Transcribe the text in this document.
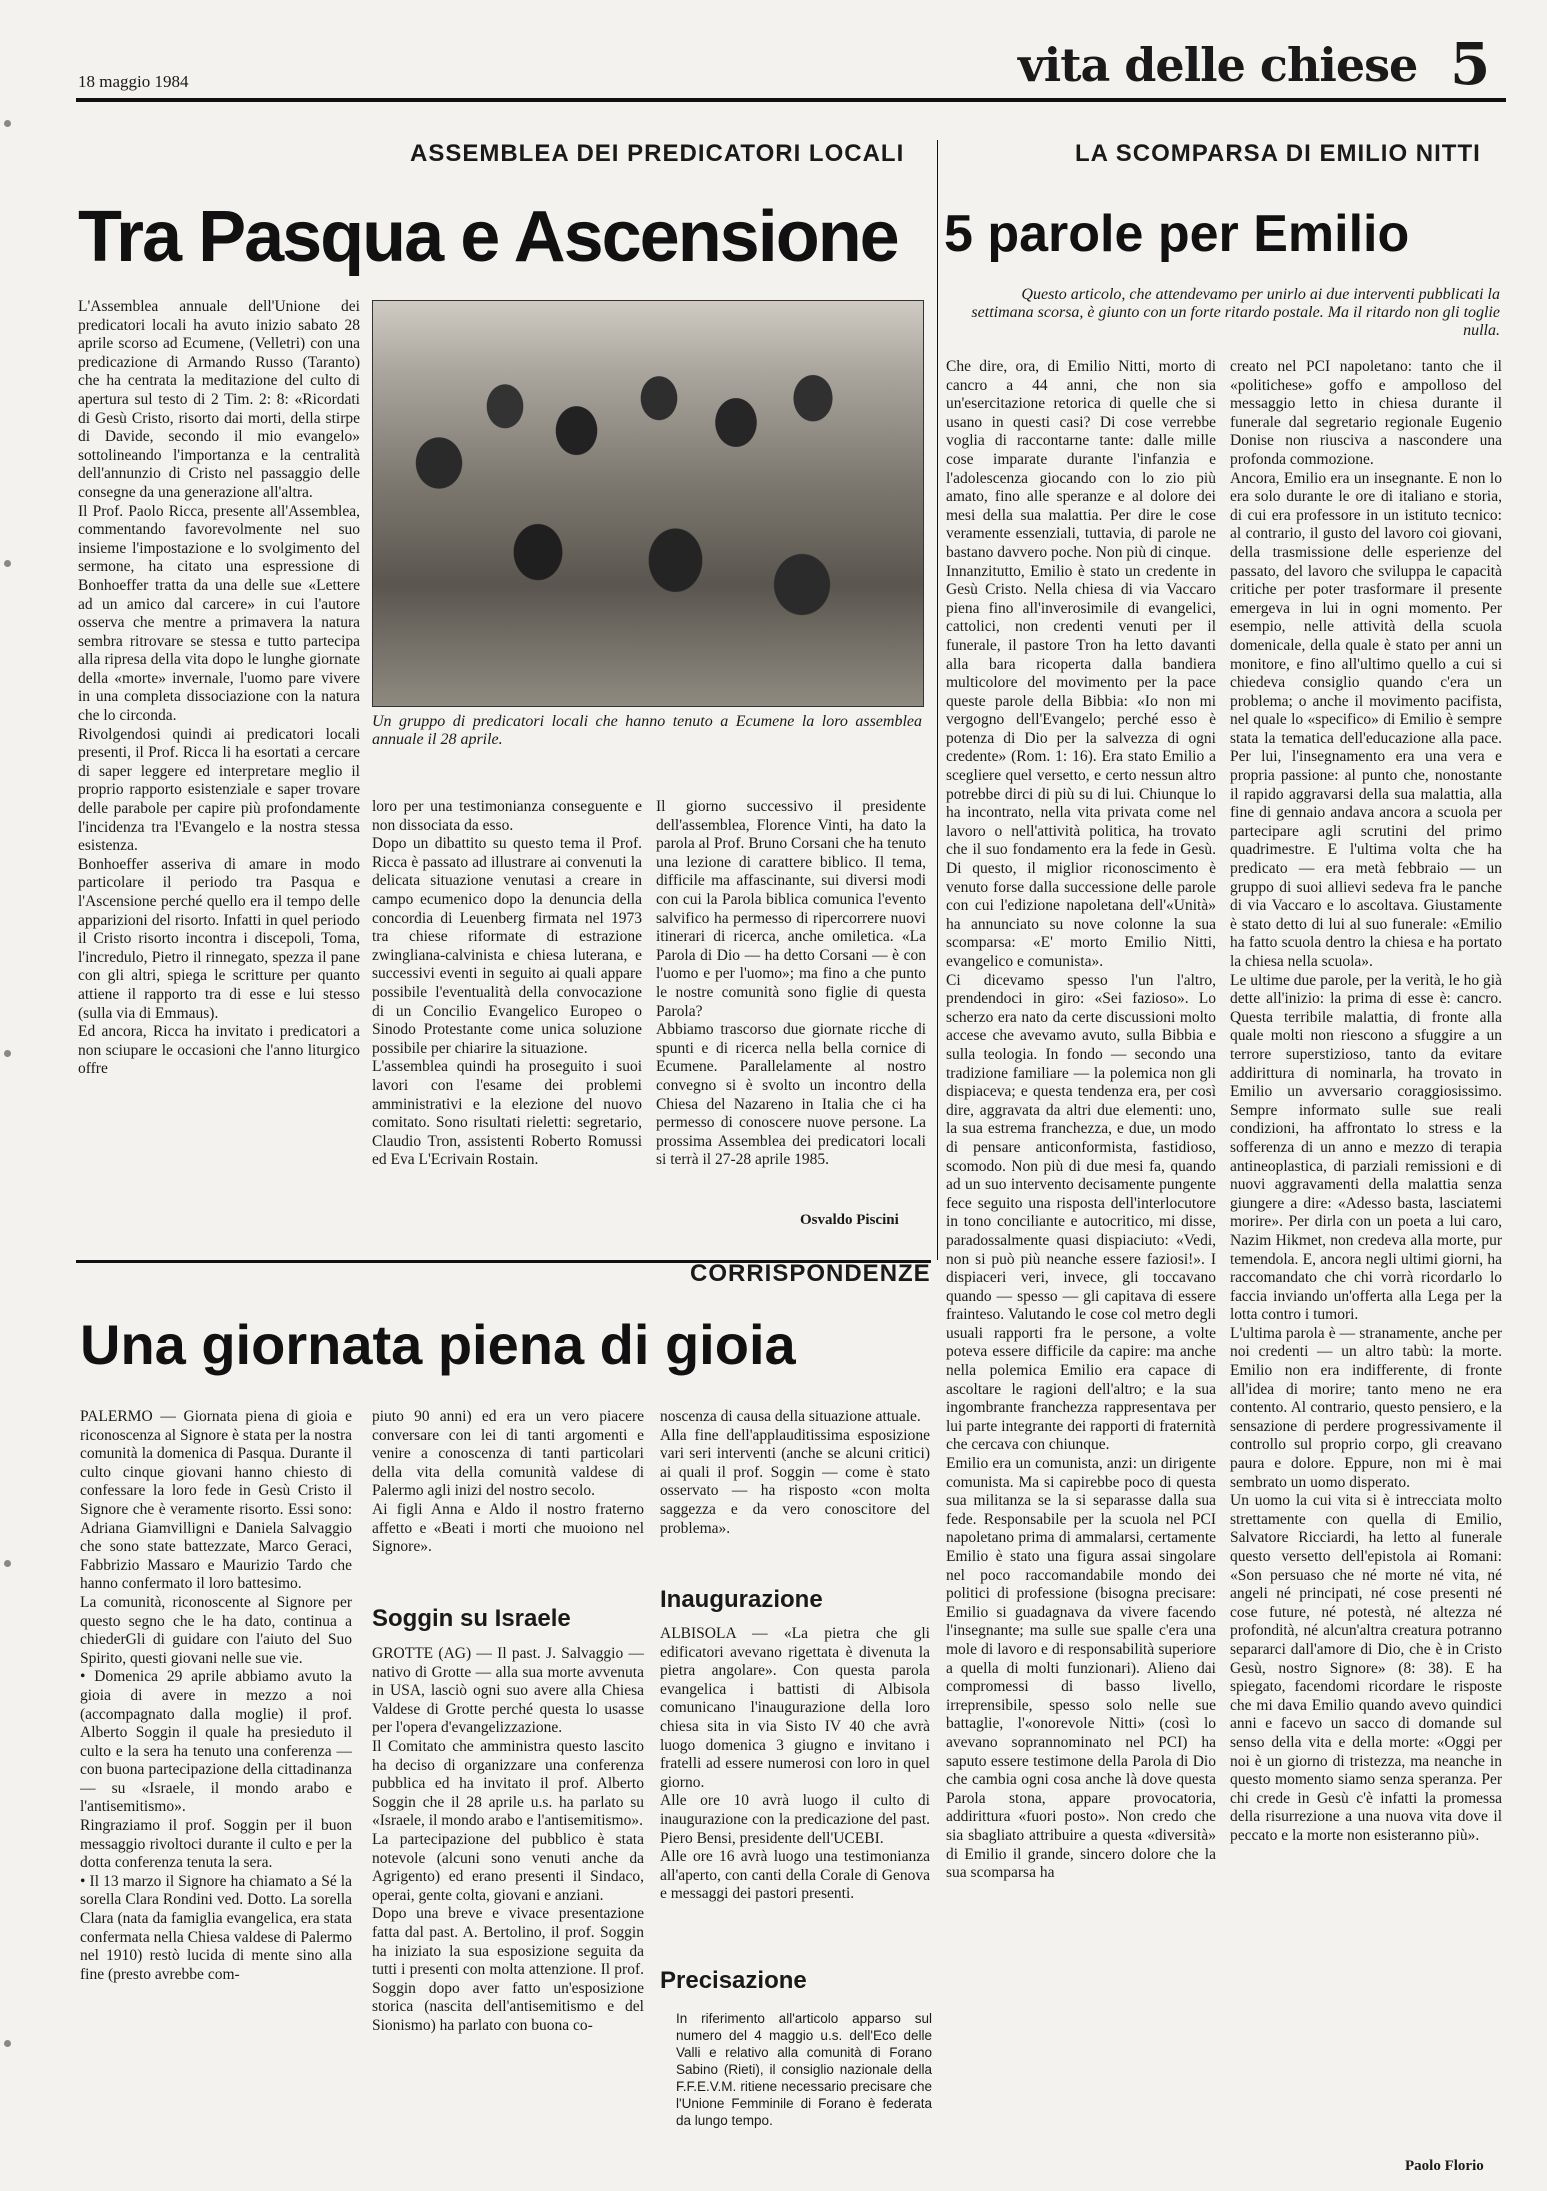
18 maggio 1984	vita delle chiese 5
ASSEMBLEA DEI PREDICATORI LOCALI
Tra Pasqua e Ascensione
L'Assemblea annuale dell'Unione dei predicatori locali ha avuto inizio sabato 28 aprile scorso ad Ecumene, (Velletri) con una predicazione di Armando Russo (Taranto) che ha centrata la meditazione del culto di apertura sul testo di 2 Tim. 2: 8: «Ricordati di Gesù Cristo, risorto dai morti, della stirpe di Davide, secondo il mio evangelo» sottolineando l'importanza e la centralità dell'annunzio di Cristo nel passaggio delle consegne da una generazione all'altra.
Il Prof. Paolo Ricca, presente all'Assemblea, commentando favorevolmente nel suo insieme l'impostazione e lo svolgimento del sermone, ha citato una espressione di Bonhoeffer tratta da una delle sue «Lettere ad un amico dal carcere» in cui l'autore osserva che mentre a primavera la natura sembra ritrovare se stessa e tutto partecipa alla ripresa della vita dopo le lunghe giornate della «morte» invernale, l'uomo pare vivere in una completa dissociazione con la natura che lo circonda.
Rivolgendosi quindi ai predicatori locali presenti, il Prof. Ricca li ha esortati a cercare di saper leggere ed interpretare meglio il proprio rapporto esistenziale e saper trovare delle parabole per capire più profondamente l'incidenza tra l'Evangelo e la nostra stessa esistenza.
Bonhoeffer asseriva di amare in modo particolare il periodo tra Pasqua e l'Ascensione perché quello era il tempo delle apparizioni del risorto. Infatti in quel periodo il Cristo risorto incontra i discepoli, Toma, l'incredulo, Pietro il rinnegato, spezza il pane con gli altri, spiega le scritture per quanto attiene il rapporto tra di esse e lui stesso (sulla via di Emmaus).
Ed ancora, Ricca ha invitato i predicatori a non sciupare le occasioni che l'anno liturgico offre
Un gruppo di predicatori locali che hanno tenuto a Ecumene la loro assemblea annuale il 28 aprile.
loro per una testimonianza conseguente e non dissociata da esso.
Dopo un dibattito su questo tema il Prof. Ricca è passato ad illustrare ai convenuti la delicata situazione venutasi a creare in campo ecumenico dopo la denuncia della concordia di Leuenberg firmata nel 1973 tra chiese riformate di estrazione zwingliana-calvinista e chiesa luterana, e successivi eventi in seguito ai quali appare possibile l'eventualità della convocazione di un Concilio Evangelico Europeo o Sinodo Protestante come unica soluzione possibile per chiarire la situazione.
L'assemblea quindi ha proseguito i suoi lavori con l'esame dei problemi amministrativi e la elezione del nuovo comitato. Sono risultati rieletti: segretario, Claudio Tron, assistenti Roberto Romussi ed Eva L'Ecrivain Rostain.
Il giorno successivo il presidente dell'assemblea, Florence Vinti, ha dato la parola al Prof. Bruno Corsani che ha tenuto una lezione di carattere biblico. Il tema, difficile ma affascinante, sui diversi modi con cui la Parola biblica comunica l'evento salvifico ha permesso di ripercorrere nuovi itinerari di ricerca, anche omiletica. «La Parola di Dio — ha detto Corsani — è con l'uomo e per l'uomo»; ma fino a che punto le nostre comunità sono figlie di questa Parola?
Abbiamo trascorso due giornate ricche di spunti e di ricerca nella bella cornice di Ecumene. Parallelamente al nostro convegno si è svolto un incontro della Chiesa del Nazareno in Italia che ci ha permesso di conoscere nuove persone. La prossima Assemblea dei predicatori locali si terrà il 27-28 aprile 1985.
Osvaldo Piscini
LA SCOMPARSA DI EMILIO NITTI
5 parole per Emilio
Questo articolo, che attendevamo per unirlo ai due interventi pubblicati la settimana scorsa, è giunto con un forte ritardo postale. Ma il ritardo non gli toglie nulla.
Che dire, ora, di Emilio Nitti, morto di cancro a 44 anni, che non sia un'esercitazione retorica di quelle che si usano in questi casi? Di cose verrebbe voglia di raccontarne tante: dalle mille cose imparate durante l'infanzia e l'adolescenza giocando con lo zio più amato, fino alle speranze e al dolore dei mesi della sua malattia. Per dire le cose veramente essenziali, tuttavia, di parole ne bastano davvero poche. Non più di cinque.
Innanzitutto, Emilio è stato un credente in Gesù Cristo. Nella chiesa di via Vaccaro piena fino all'inverosimile di evangelici, cattolici, non credenti venuti per il funerale, il pastore Tron ha letto davanti alla bara ricoperta dalla bandiera multicolore del movimento per la pace queste parole della Bibbia: «Io non mi vergogno dell'Evangelo; perché esso è potenza di Dio per la salvezza di ogni credente» (Rom. 1: 16). Era stato Emilio a scegliere quel versetto, e certo nessun altro potrebbe dirci di più su di lui. Chiunque lo ha incontrato, nella vita privata come nel lavoro o nell'attività politica, ha trovato che il suo fondamento era la fede in Gesù. Di questo, il miglior riconoscimento è venuto forse dalla successione delle parole con cui l'edizione napoletana dell'«Unità» ha annunciato su nove colonne la sua scomparsa: «E' morto Emilio Nitti, evangelico e comunista».
Ci dicevamo spesso l'un l'altro, prendendoci in giro: «Sei fazioso». Lo scherzo era nato da certe discussioni molto accese che avevamo avuto, sulla Bibbia e sulla teologia. In fondo — secondo una tradizione familiare — la polemica non gli dispiaceva; e questa tendenza era, per così dire, aggravata da altri due elementi: uno, la sua estrema franchezza, e due, un modo di pensare anticonformista, fastidioso, scomodo. Non più di due mesi fa, quando ad un suo intervento decisamente pungente fece seguito una risposta dell'interlocutore in tono conciliante e autocritico, mi disse, paradossalmente quasi dispiaciuto: «Vedi, non si può più neanche essere faziosi!». I dispiaceri veri, invece, gli toccavano quando — spesso — gli capitava di essere frainteso. Valutando le cose col metro degli usuali rapporti fra le persone, a volte poteva essere difficile da capire: ma anche nella polemica Emilio era capace di ascoltare le ragioni dell'altro; e la sua ingombrante franchezza rappresentava per lui parte integrante dei rapporti di fraternità che cercava con chiunque.
Emilio era un comunista, anzi: un dirigente comunista. Ma si capirebbe poco di questa sua militanza se la si separasse dalla sua fede. Responsabile per la scuola nel PCI napoletano prima di ammalarsi, certamente Emilio è stato una figura assai singolare nel poco raccomandabile mondo dei politici di professione (bisogna precisare: Emilio si guadagnava da vivere facendo l'insegnante; ma sulle sue spalle c'era una mole di lavoro e di responsabilità superiore a quella di molti funzionari). Alieno dai compromessi di basso livello, irreprensibile, spesso solo nelle sue battaglie, l'«onorevole Nitti» (così lo avevano soprannominato nel PCI) ha saputo essere testimone della Parola di Dio che cambia ogni cosa anche là dove questa Parola stona, appare provocatoria, addirittura «fuori posto». Non credo che sia sbagliato attribuire a questa «diversità» di Emilio il grande, sincero dolore che la sua scomparsa ha
creato nel PCI napoletano: tanto che il «politichese» goffo e ampolloso del messaggio letto in chiesa durante il funerale dal segretario regionale Eugenio Donise non riusciva a nascondere una profonda commozione.
Ancora, Emilio era un insegnante. E non lo era solo durante le ore di italiano e storia, di cui era professore in un istituto tecnico: al contrario, il gusto del lavoro coi giovani, della trasmissione delle esperienze del passato, del lavoro che sviluppa le capacità critiche per poter trasformare il presente emergeva in lui in ogni momento. Per esempio, nelle attività della scuola domenicale, della quale è stato per anni un monitore, e fino all'ultimo quello a cui si chiedeva consiglio quando c'era un problema; o anche il movimento pacifista, nel quale lo «specifico» di Emilio è sempre stata la tematica dell'educazione alla pace. Per lui, l'insegnamento era una vera e propria passione: al punto che, nonostante il rapido aggravarsi della sua malattia, alla fine di gennaio andava ancora a scuola per partecipare agli scrutini del primo quadrimestre. E l'ultima volta che ha predicato — era metà febbraio — un gruppo di suoi allievi sedeva fra le panche di via Vaccaro e lo ascoltava. Giustamente è stato detto di lui al suo funerale: «Emilio ha fatto scuola dentro la chiesa e ha portato la chiesa nella scuola».
Le ultime due parole, per la verità, le ho già dette all'inizio: la prima di esse è: cancro. Questa terribile malattia, di fronte alla quale molti non riescono a sfuggire a un terrore superstizioso, tanto da evitare addirittura di nominarla, ha trovato in Emilio un avversario coraggiosissimo. Sempre informato sulle sue reali condizioni, ha affrontato lo stress e la sofferenza di un anno e mezzo di terapia antineoplastica, di parziali remissioni e di nuovi aggravamenti della malattia senza giungere a dire: «Adesso basta, lasciatemi morire». Per dirla con un poeta a lui caro, Nazim Hikmet, non credeva alla morte, pur temendola. E, ancora negli ultimi giorni, ha raccomandato che chi vorrà ricordarlo lo faccia inviando un'offerta alla Lega per la lotta contro i tumori.
L'ultima parola è — stranamente, anche per noi credenti — un altro tabù: la morte. Emilio non era indifferente, di fronte all'idea di morire; tanto meno ne era contento. Al contrario, questo pensiero, e la sensazione di perdere progressivamente il controllo sul proprio corpo, gli creavano paura e dolore. Eppure, non mi è mai sembrato un uomo disperato.
Un uomo la cui vita si è intrecciata molto strettamente con quella di Emilio, Salvatore Ricciardi, ha letto al funerale questo versetto dell'epistola ai Romani: «Son persuaso che né morte né vita, né angeli né principati, né cose presenti né cose future, né potestà, né altezza né profondità, né alcun'altra creatura potranno separarci dall'amore di Dio, che è in Cristo Gesù, nostro Signore» (8: 38). E ha spiegato, facendomi ricordare le risposte che mi dava Emilio quando avevo quindici anni e facevo un sacco di domande sul senso della vita e della morte: «Oggi per noi è un giorno di tristezza, ma neanche in questo momento siamo senza speranza. Per chi crede in Gesù c'è infatti la promessa della risurrezione a una nuova vita dove il peccato e la morte non esisteranno più».
Paolo Florio
CORRISPONDENZE
Una giornata piena di gioia
PALERMO — Giornata piena di gioia e riconoscenza al Signore è stata per la nostra comunità la domenica di Pasqua. Durante il culto cinque giovani hanno chiesto di confessare la loro fede in Gesù Cristo il Signore che è veramente risorto. Essi sono: Adriana Giamvilligni e Daniela Salvaggio che sono state battezzate, Marco Geraci, Fabbrizio Massaro e Maurizio Tardo che hanno confermato il loro battesimo.
La comunità, riconoscente al Signore per questo segno che le ha dato, continua a chiederGli di guidare con l'aiuto del Suo Spirito, questi giovani nelle sue vie.
• Domenica 29 aprile abbiamo avuto la gioia di avere in mezzo a noi (accompagnato dalla moglie) il prof. Alberto Soggin il quale ha presieduto il culto e la sera ha tenuto una conferenza — con buona partecipazione della cittadinanza — su «Israele, il mondo arabo e l'antisemitismo».
Ringraziamo il prof. Soggin per il buon messaggio rivoltoci durante il culto e per la dotta conferenza tenuta la sera.
• Il 13 marzo il Signore ha chiamato a Sé la sorella Clara Rondini ved. Dotto. La sorella Clara (nata da famiglia evangelica, era stata confermata nella Chiesa valdese di Palermo nel 1910) restò lucida di mente sino alla fine (presto avrebbe com-
piuto 90 anni) ed era un vero piacere conversare con lei di tanti argomenti e venire a conoscenza di tanti particolari della vita della comunità valdese di Palermo agli inizi del nostro secolo.
Ai figli Anna e Aldo il nostro fraterno affetto e «Beati i morti che muoiono nel Signore».
Soggin su Israele
GROTTE (AG) — Il past. J. Salvaggio — nativo di Grotte — alla sua morte avvenuta in USA, lasciò ogni suo avere alla Chiesa Valdese di Grotte perché questa lo usasse per l'opera d'evangelizzazione.
Il Comitato che amministra questo lascito ha deciso di organizzare una conferenza pubblica ed ha invitato il prof. Alberto Soggin che il 28 aprile u.s. ha parlato su «Israele, il mondo arabo e l'antisemitismo».
La partecipazione del pubblico è stata notevole (alcuni sono venuti anche da Agrigento) ed erano presenti il Sindaco, operai, gente colta, giovani e anziani.
Dopo una breve e vivace presentazione fatta dal past. A. Bertolino, il prof. Soggin ha iniziato la sua esposizione seguita da tutti i presenti con molta attenzione. Il prof. Soggin dopo aver fatto un'esposizione storica (nascita dell'antisemitismo e del Sionismo) ha parlato con buona co-
noscenza di causa della situazione attuale.
Alla fine dell'applauditissima esposizione vari seri interventi (anche se alcuni critici) ai quali il prof. Soggin — come è stato osservato — ha risposto «con molta saggezza e da vero conoscitore del problema».
Inaugurazione
ALBISOLA — «La pietra che gli edificatori avevano rigettata è divenuta la pietra angolare». Con questa parola evangelica i battisti di Albisola comunicano l'inaugurazione della loro chiesa sita in via Sisto IV 40 che avrà luogo domenica 3 giugno e invitano i fratelli ad essere numerosi con loro in quel giorno.
Alle ore 10 avrà luogo il culto di inaugurazione con la predicazione del past. Piero Bensi, presidente dell'UCEBI.
Alle ore 16 avrà luogo una testimonianza all'aperto, con canti della Corale di Genova e messaggi dei pastori presenti.
Precisazione
In riferimento all'articolo apparso sul numero del 4 maggio u.s. dell'Eco delle Valli e relativo alla comunità di Forano Sabino (Rieti), il consiglio nazionale della F.F.E.V.M. ritiene necessario precisare che l'Unione Femminile di Forano è federata da lungo tempo.
